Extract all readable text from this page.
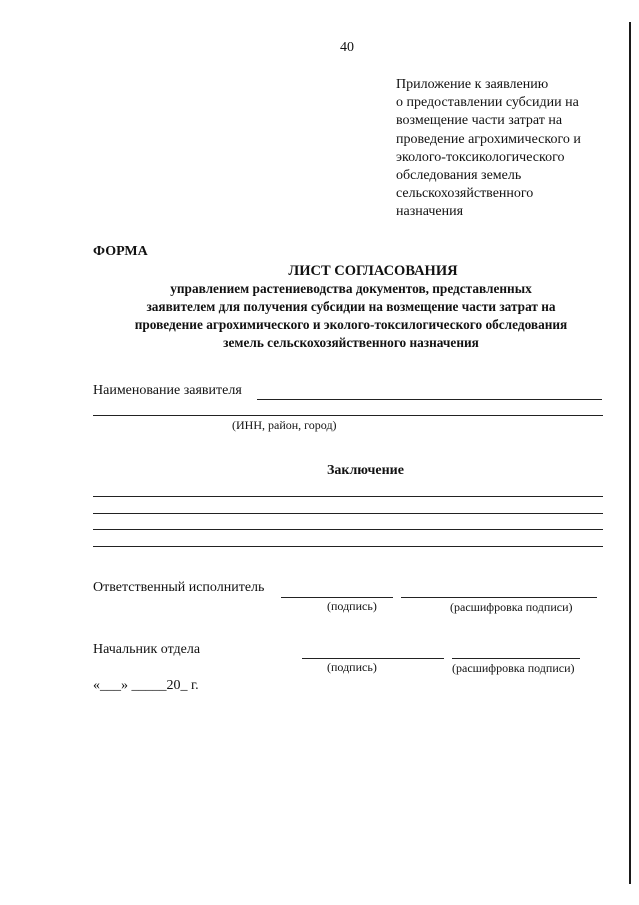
40
Приложение к заявлению
о предоставлении субсидии на
возмещение части затрат на
проведение агрохимического и
эколого-токсикологического
обследования земель
сельскохозяйственного
назначения
ФОРМА
ЛИСТ СОГЛАСОВАНИЯ
управлением растениеводства документов, представленных
заявителем для получения субсидии на возмещение части затрат на
проведение агрохимического и эколого-токсилогического обследования
земель сельскохозяйственного назначения
Наименование заявителя
(ИНН, район, город)
Заключение
Ответственный исполнитель
(подпись)	(расшифровка подписи)
Начальник отдела
(подпись)	(расшифровка подписи)
«___» _____20_ г.
